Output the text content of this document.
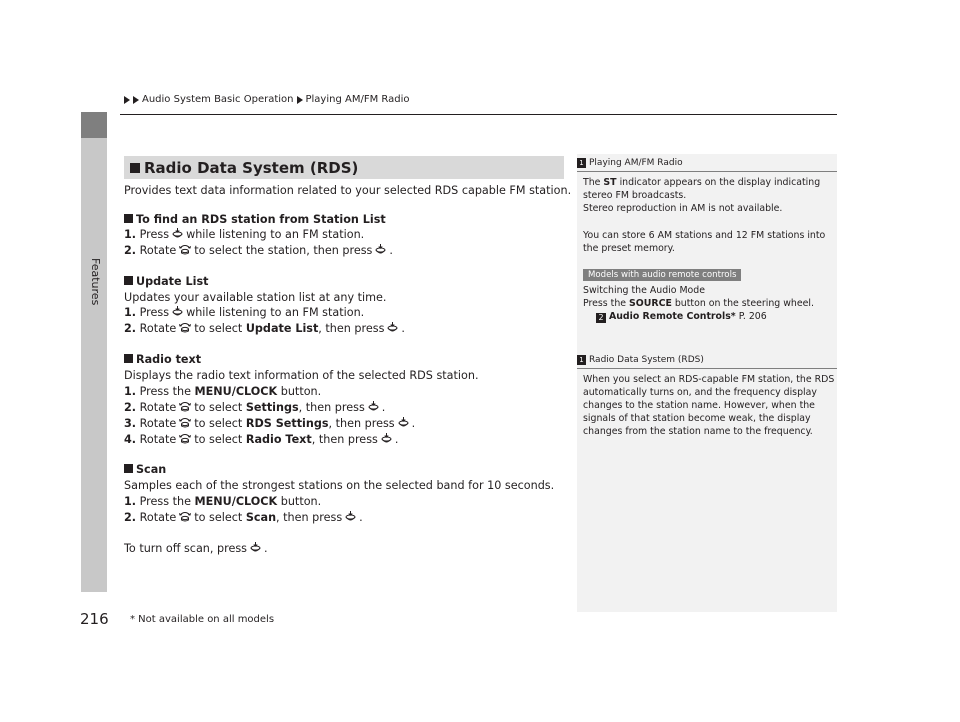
Features
Audio System Basic Operation Playing AM/FM Radio
Radio Data System (RDS)
Provides text data information related to your selected RDS capable FM station.
To find an RDS station from Station List
1. Press while listening to an FM station.
2. Rotate to select the station, then press .
Update List
Updates your available station list at any time.
1. Press while listening to an FM station.
2. Rotate to select Update List, then press .
Radio text
Displays the radio text information of the selected RDS station.
1. Press the MENU/CLOCK button.
2. Rotate to select Settings, then press .
3. Rotate to select RDS Settings, then press .
4. Rotate to select Radio Text, then press .
Scan
Samples each of the strongest stations on the selected band for 10 seconds.
1. Press the MENU/CLOCK button.
2. Rotate to select Scan, then press .
To turn off scan, press .
1 Playing AM/FM Radio
The ST indicator appears on the display indicating
stereo FM broadcasts.
Stereo reproduction in AM is not available.
You can store 6 AM stations and 12 FM stations into
the preset memory.
Models with audio remote controls
Switching the Audio Mode
Press the SOURCE button on the steering wheel.
2 Audio Remote Controls* P. 206
1 Radio Data System (RDS)
When you select an RDS-capable FM station, the RDS
automatically turns on, and the frequency display
changes to the station name. However, when the
signals of that station become weak, the display
changes from the station name to the frequency.
216 * Not available on all models
